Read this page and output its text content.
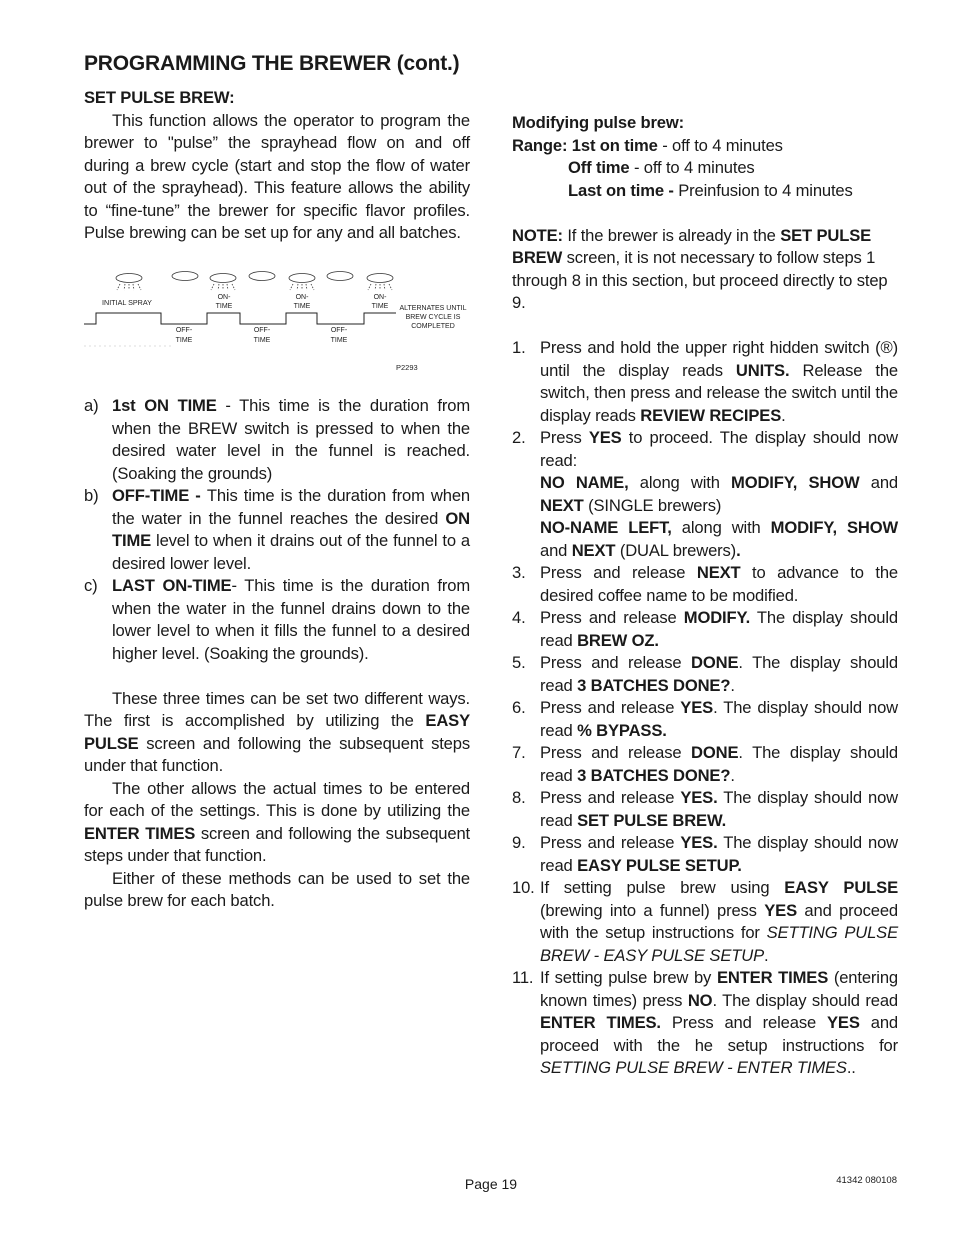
PROGRAMMING THE BREWER (cont.)

SET PULSE BREW:

This function allows the operator to program the brewer to "pulse” the sprayhead flow on and off during a brew cycle (start and stop the flow of water out of the sprayhead). This feature allows the ability to “fine-tune” the brewer for specific flavor profiles. Pulse brewing can be set up for any and all batches.

INITIAL SPRAY
ON-
TIME
ON-
TIME
ON-
TIME
OFF-
TIME
OFF-
TIME
OFF-
TIME
ALTERNATES UNTIL
BREW CYCLE IS
COMPLETED
P2293
a) 1st ON TIME - This time is the duration from when the BREW switch is pressed to when the desired water level in the funnel is reached. (Soaking the grounds)
b) OFF-TIME - This time is the duration from when the water in the funnel reaches the desired ON TIME level to when it drains out of the funnel to a desired lower level.
c) LAST ON-TIME- This time is the duration from when the water in the funnel drains down to the lower level to when it fills the funnel to a desired higher level. (Soaking the grounds).

These three times can be set two different ways. The first is accomplished by utilizing the EASY PULSE screen and following the subsequent steps under that function.

The other allows the actual times to be entered for each of the settings. This is done by utilizing the ENTER TIMES screen and following the subsequent steps under that function.

Either of these methods can be used to set the pulse brew for each batch.

Modifying pulse brew:

Range: 1st on time - off to 4 minutes

Off time - off to 4 minutes

Last on time - Preinfusion to 4 minutes

NOTE: If the brewer is already in the SET PULSE BREW screen, it is not necessary to follow steps 1 through 8 in this section, but proceed directly to step 9.

1. Press and hold the upper right hidden switch (®) until the display reads UNITS. Release the switch, then press and release the switch until the display reads REVIEW RECIPES.
2. Press YES to proceed. The display should now read:
NO NAME, along with MODIFY, SHOW and NEXT (SINGLE brewers)
NO-NAME LEFT, along with MODIFY, SHOW and NEXT (DUAL brewers).
3. Press and release NEXT to advance to the desired coffee name to be modified.
4. Press and release MODIFY. The display should read BREW OZ.
5. Press and release DONE. The display should read 3 BATCHES DONE?.
6. Press and release YES. The display should now read % BYPASS.
7. Press and release DONE. The display should read 3 BATCHES DONE?.
8. Press and release YES. The display should now read SET PULSE BREW.
9. Press and release YES. The display should now read EASY PULSE SETUP.
10. If setting pulse brew using EASY PULSE (brewing into a funnel) press YES and proceed with the setup instructions for SETTING PULSE BREW - EASY PULSE SETUP.
11. If setting pulse brew by ENTER TIMES (entering known times) press NO. The display should read ENTER TIMES. Press and release YES and proceed with the he setup instructions for SETTING PULSE BREW - ENTER TIMES..
Page 19	41342 080108
